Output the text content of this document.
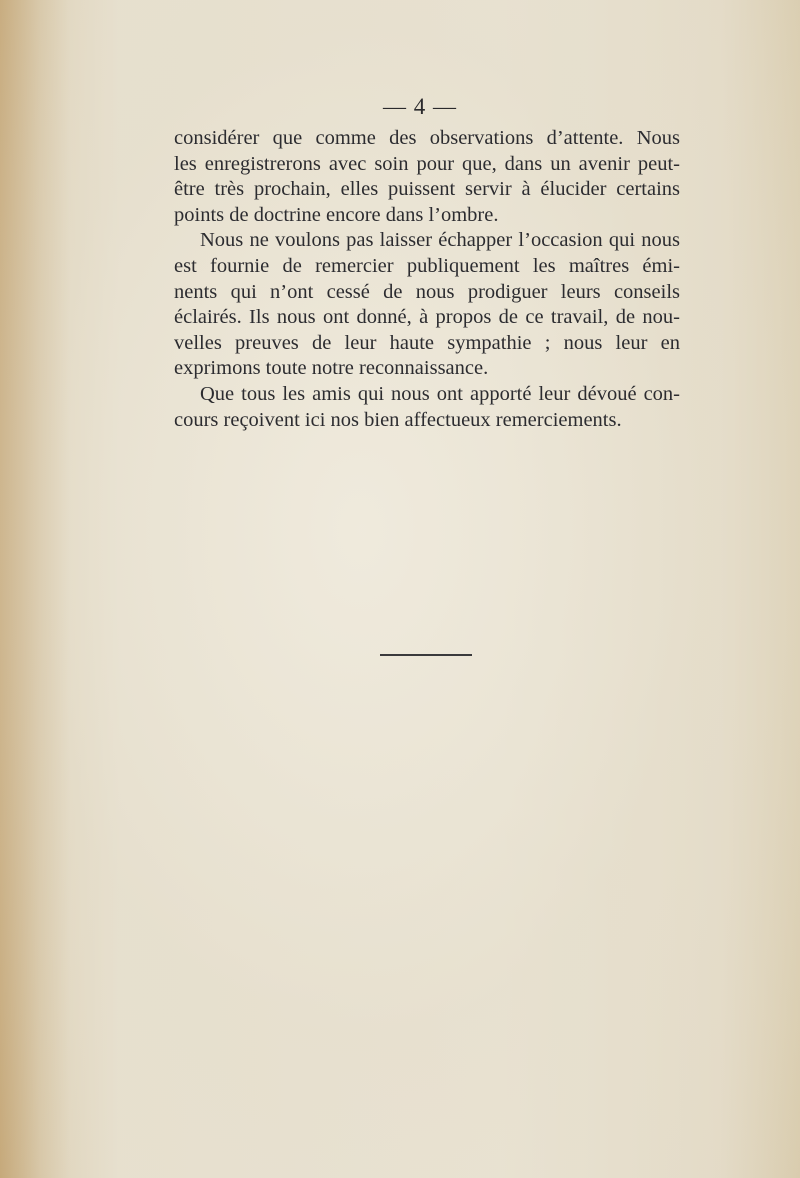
— 4 —
considérer que comme des observations d’attente. Nous
les enregistrerons avec soin pour que, dans un avenir peut-
être très prochain, elles puissent servir à élucider certains
points de doctrine encore dans l’ombre.
Nous ne voulons pas laisser échapper l’occasion qui nous
est fournie de remercier publiquement les maîtres émi-
nents qui n’ont cessé de nous prodiguer leurs conseils
éclairés. Ils nous ont donné, à propos de ce travail, de nou-
velles preuves de leur haute sympathie ; nous leur en
exprimons toute notre reconnaissance.
Que tous les amis qui nous ont apporté leur dévoué con-
cours reçoivent ici nos bien affectueux remerciements.
